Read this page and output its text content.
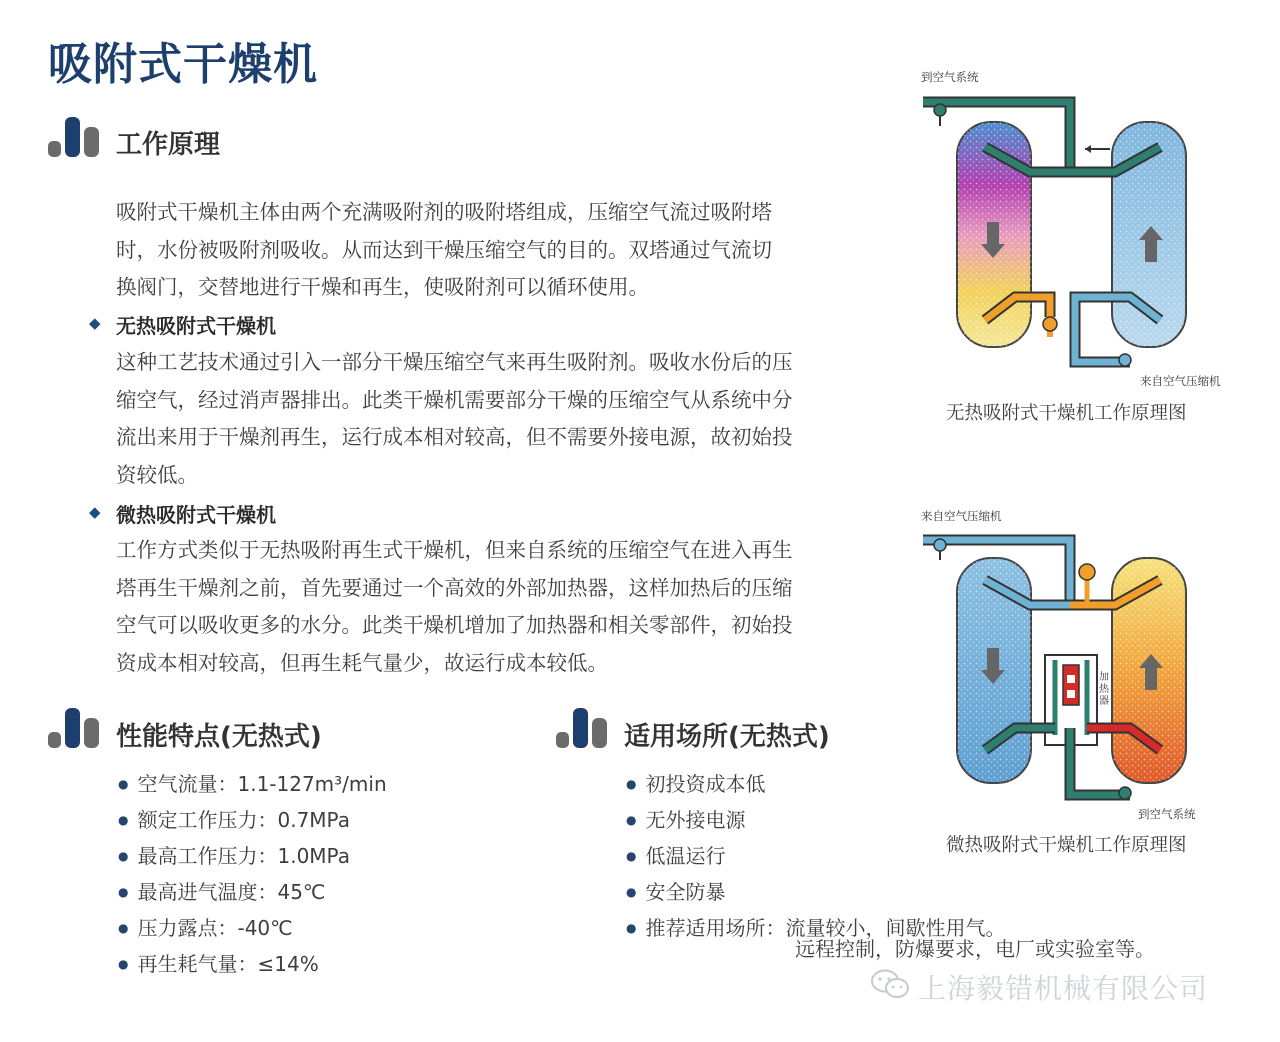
吸附式干燥机
工作原理
吸附式干燥机主体由两个充满吸附剂的吸附塔组成，压缩空气流过吸附塔
时，水份被吸附剂吸收。从而达到干燥压缩空气的目的。双塔通过气流切
换阀门，交替地进行干燥和再生，使吸附剂可以循环使用。
◆ 无热吸附式干燥机
这种工艺技术通过引入一部分干燥压缩空气来再生吸附剂。吸收水份后的压
缩空气，经过消声器排出。此类干燥机需要部分干燥的压缩空气从系统中分
流出来用于干燥剂再生，运行成本相对较高，但不需要外接电源，故初始投
资较低。
◆ 微热吸附式干燥机
工作方式类似于无热吸附再生式干燥机，但来自系统的压缩空气在进入再生
塔再生干燥剂之前，首先要通过一个高效的外部加热器，这样加热后的压缩
空气可以吸收更多的水分。此类干燥机增加了加热器和相关零部件，初始投
资成本相对较高，但再生耗气量少，故运行成本较低。
性能特点(无热式)
● 空气流量：1.1-127m³/min
● 额定工作压力：0.7MPa
● 最高工作压力：1.0MPa
● 最高进气温度：45℃
● 压力露点：-40℃
● 再生耗气量：≤14%
适用场所(无热式)
● 初投资成本低
● 无外接电源
● 低温运行
● 安全防暴
● 推荐适用场所：流量较小，间歇性用气。
远程控制，防爆要求，电厂或实验室等。
到空气系统
来自空气压缩机
无热吸附式干燥机工作原理图
来自空气压缩机
加热器
到空气系统
微热吸附式干燥机工作原理图
上海毅错机械有限公司
